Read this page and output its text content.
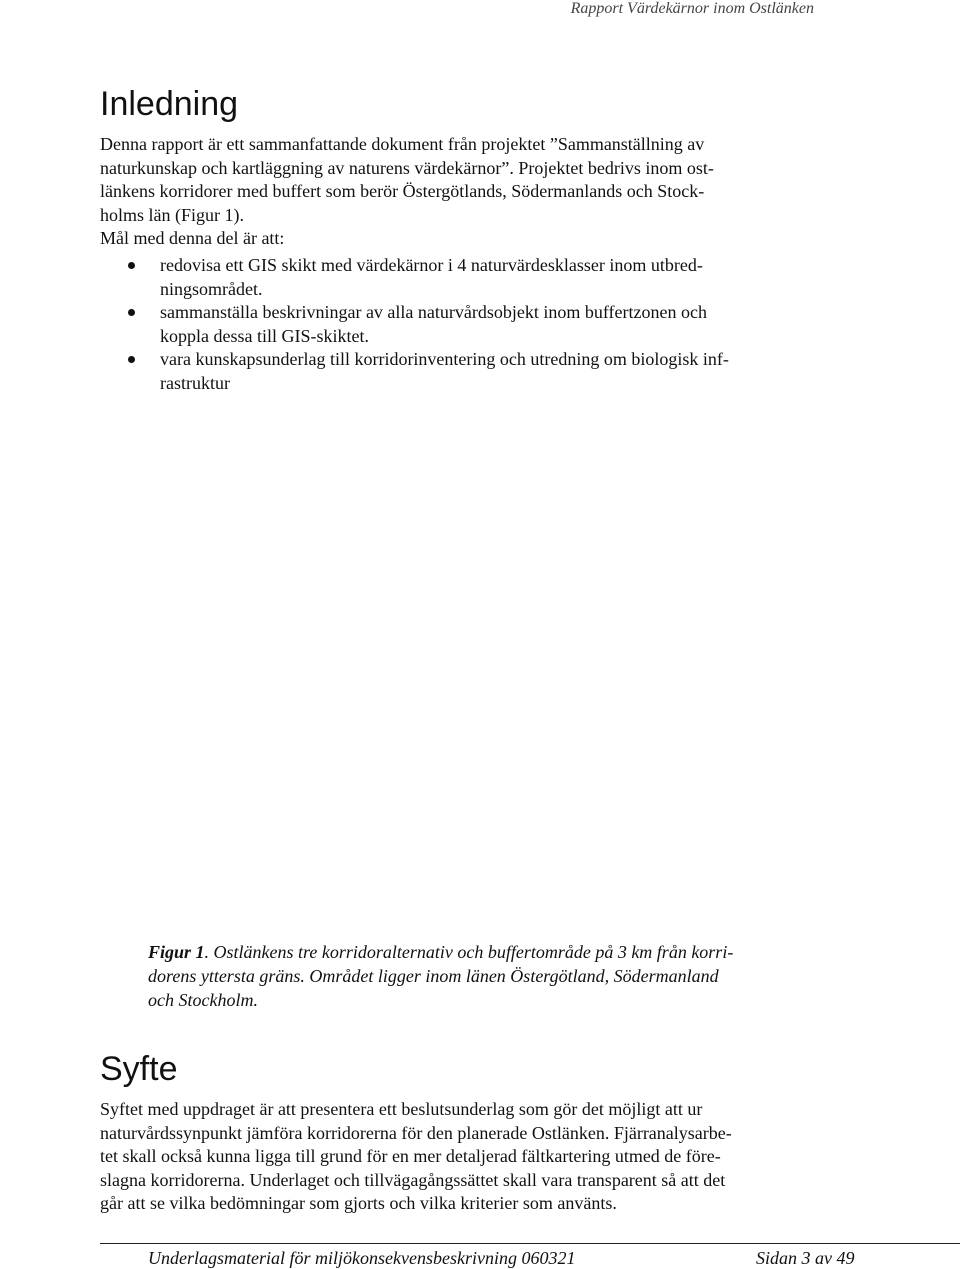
Rapport Värdekärnor inom Ostlänken
Inledning
Denna rapport är ett sammanfattande dokument från projektet ”Sammanställning av
naturkunskap och kartläggning av naturens värdekärnor”. Projektet bedrivs inom ost-
länkens korridorer med buffert som berör Östergötlands, Södermanlands och Stock-
holms län (Figur 1).
Mål med denna del är att:
redovisa ett GIS skikt med värdekärnor i 4 naturvärdesklasser inom utbred-
ningsområdet.
sammanställa beskrivningar av alla naturvårdsobjekt inom buffertzonen och
koppla dessa till GIS-skiktet.
vara kunskapsunderlag till korridorinventering och utredning om biologisk inf-
rastruktur
Figur 1. Ostlänkens tre korridoralternativ och buffertområde på 3 km från korri-
dorens yttersta gräns. Området ligger inom länen Östergötland, Södermanland
och Stockholm.
Syfte
Syftet med uppdraget är att presentera ett beslutsunderlag som gör det möjligt att ur
naturvårdssynpunkt jämföra korridorerna för den planerade Ostlänken. Fjärranalysarbe-
tet skall också kunna ligga till grund för en mer detaljerad fältkartering utmed de före-
slagna korridorerna. Underlaget och tillvägagångssättet skall vara transparent så att det
går att se vilka bedömningar som gjorts och vilka kriterier som använts.
Underlagsmaterial för miljökonsekvensbeskrivning 060321	Sidan 3 av 49
